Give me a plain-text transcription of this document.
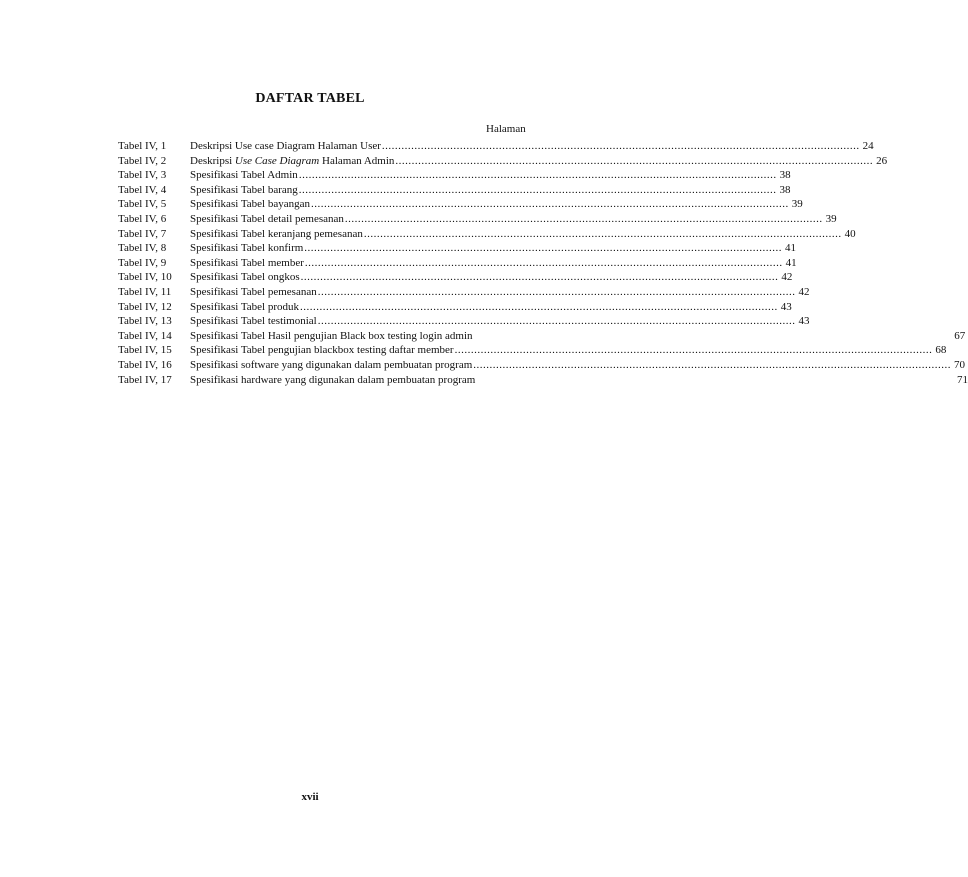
DAFTAR TABEL
Halaman
Tabel IV, 1	Deskripsi Use case Diagram Halaman User .....	24
Tabel IV, 2	Deskripsi Use Case Diagram Halaman Admin .....	26
Tabel IV, 3	Spesifikasi Tabel Admin .....	38
Tabel IV, 4	Spesifikasi Tabel barang .....	38
Tabel IV, 5	Spesifikasi Tabel bayangan .....	39
Tabel IV, 6	Spesifikasi Tabel detail pemesanan .....	39
Tabel IV, 7	Spesifikasi Tabel keranjang pemesanan .....	40
Tabel IV, 8	Spesifikasi Tabel konfirm .....	41
Tabel IV, 9	Spesifikasi Tabel member .....	41
Tabel IV, 10	Spesifikasi Tabel ongkos .....	42
Tabel IV, 11	Spesifikasi Tabel pemesanan .....	42
Tabel IV, 12	Spesifikasi Tabel produk .....	43
Tabel IV, 13	Spesifikasi Tabel testimonial .....	43
Tabel IV, 14	Spesifikasi Tabel Hasil pengujian Black box testing login admin	67
Tabel IV, 15	Spesifikasi Tabel pengujian blackbox testing daftar member .....	68
Tabel IV, 16	Spesifikasi software yang digunakan dalam pembuatan program .....	70
Tabel IV, 17	Spesifikasi hardware yang digunakan dalam pembuatan program	71
xvii
